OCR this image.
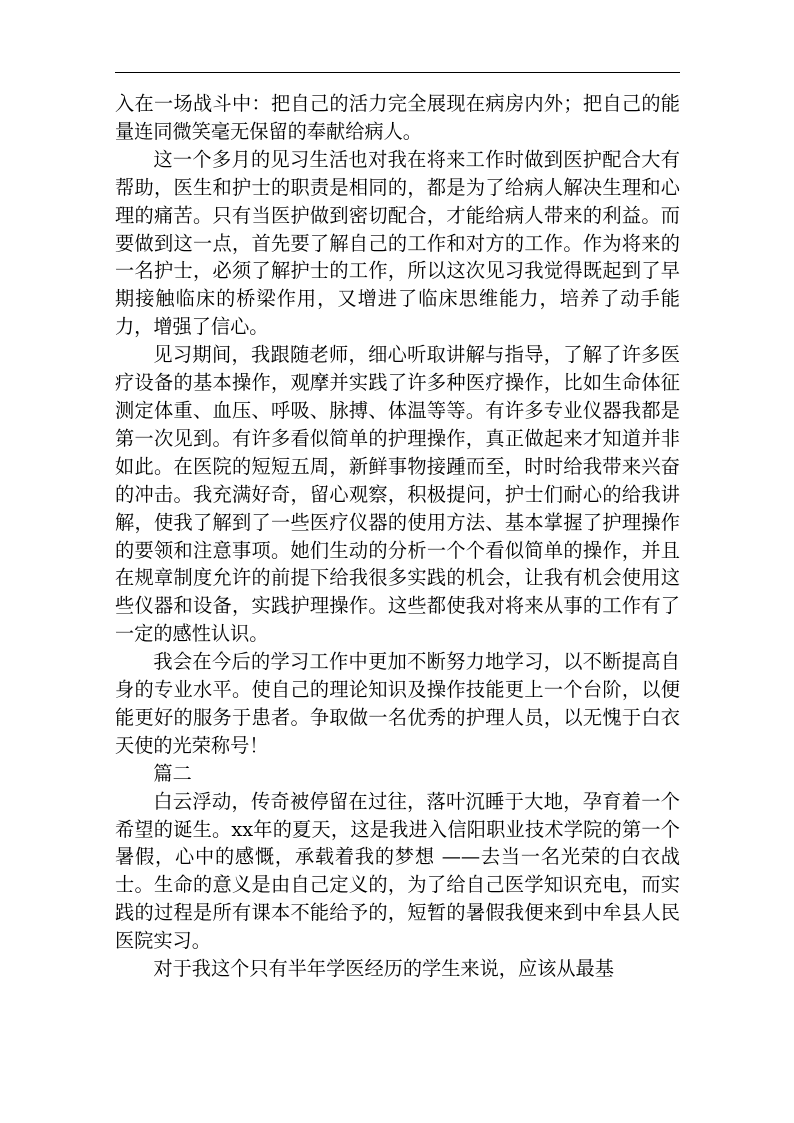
入在一场战斗中：把自己的活力完全展现在病房内外；把自己的能量连同微笑毫无保留的奉献给病人。

这一个多月的见习生活也对我在将来工作时做到医护配合大有帮助，医生和护士的职责是相同的，都是为了给病人解决生理和心理的痛苦。只有当医护做到密切配合，才能给病人带来的利益。而要做到这一点，首先要了解自己的工作和对方的工作。作为将来的一名护士，必须了解护士的工作，所以这次见习我觉得既起到了早期接触临床的桥梁作用，又增进了临床思维能力，培养了动手能力，增强了信心。

见习期间，我跟随老师，细心听取讲解与指导，了解了许多医疗设备的基本操作，观摩并实践了许多种医疗操作，比如生命体征测定体重、血压、呼吸、脉搏、体温等等。有许多专业仪器我都是第一次见到。有许多看似简单的护理操作，真正做起来才知道并非如此。在医院的短短五周，新鲜事物接踵而至，时时给我带来兴奋的冲击。我充满好奇，留心观察，积极提问，护士们耐心的给我讲解，使我了解到了一些医疗仪器的使用方法、基本掌握了护理操作的要领和注意事项。她们生动的分析一个个看似简单的操作，并且在规章制度允许的前提下给我很多实践的机会，让我有机会使用这些仪器和设备，实践护理操作。这些都使我对将来从事的工作有了一定的感性认识。

我会在今后的学习工作中更加不断努力地学习，以不断提高自身的专业水平。使自己的理论知识及操作技能更上一个台阶，以便能更好的服务于患者。争取做一名优秀的护理人员，以无愧于白衣天使的光荣称号！

篇二

白云浮动，传奇被停留在过往，落叶沉睡于大地，孕育着一个希望的诞生。xx年的夏天，这是我进入信阳职业技术学院的第一个暑假，心中的感慨，承载着我的梦想 ——去当一名光荣的白衣战士。生命的意义是由自己定义的，为了给自己医学知识充电，而实践的过程是所有课本不能给予的，短暂的暑假我便来到中牟县人民医院实习。

对于我这个只有半年学医经历的学生来说，应该从最基
